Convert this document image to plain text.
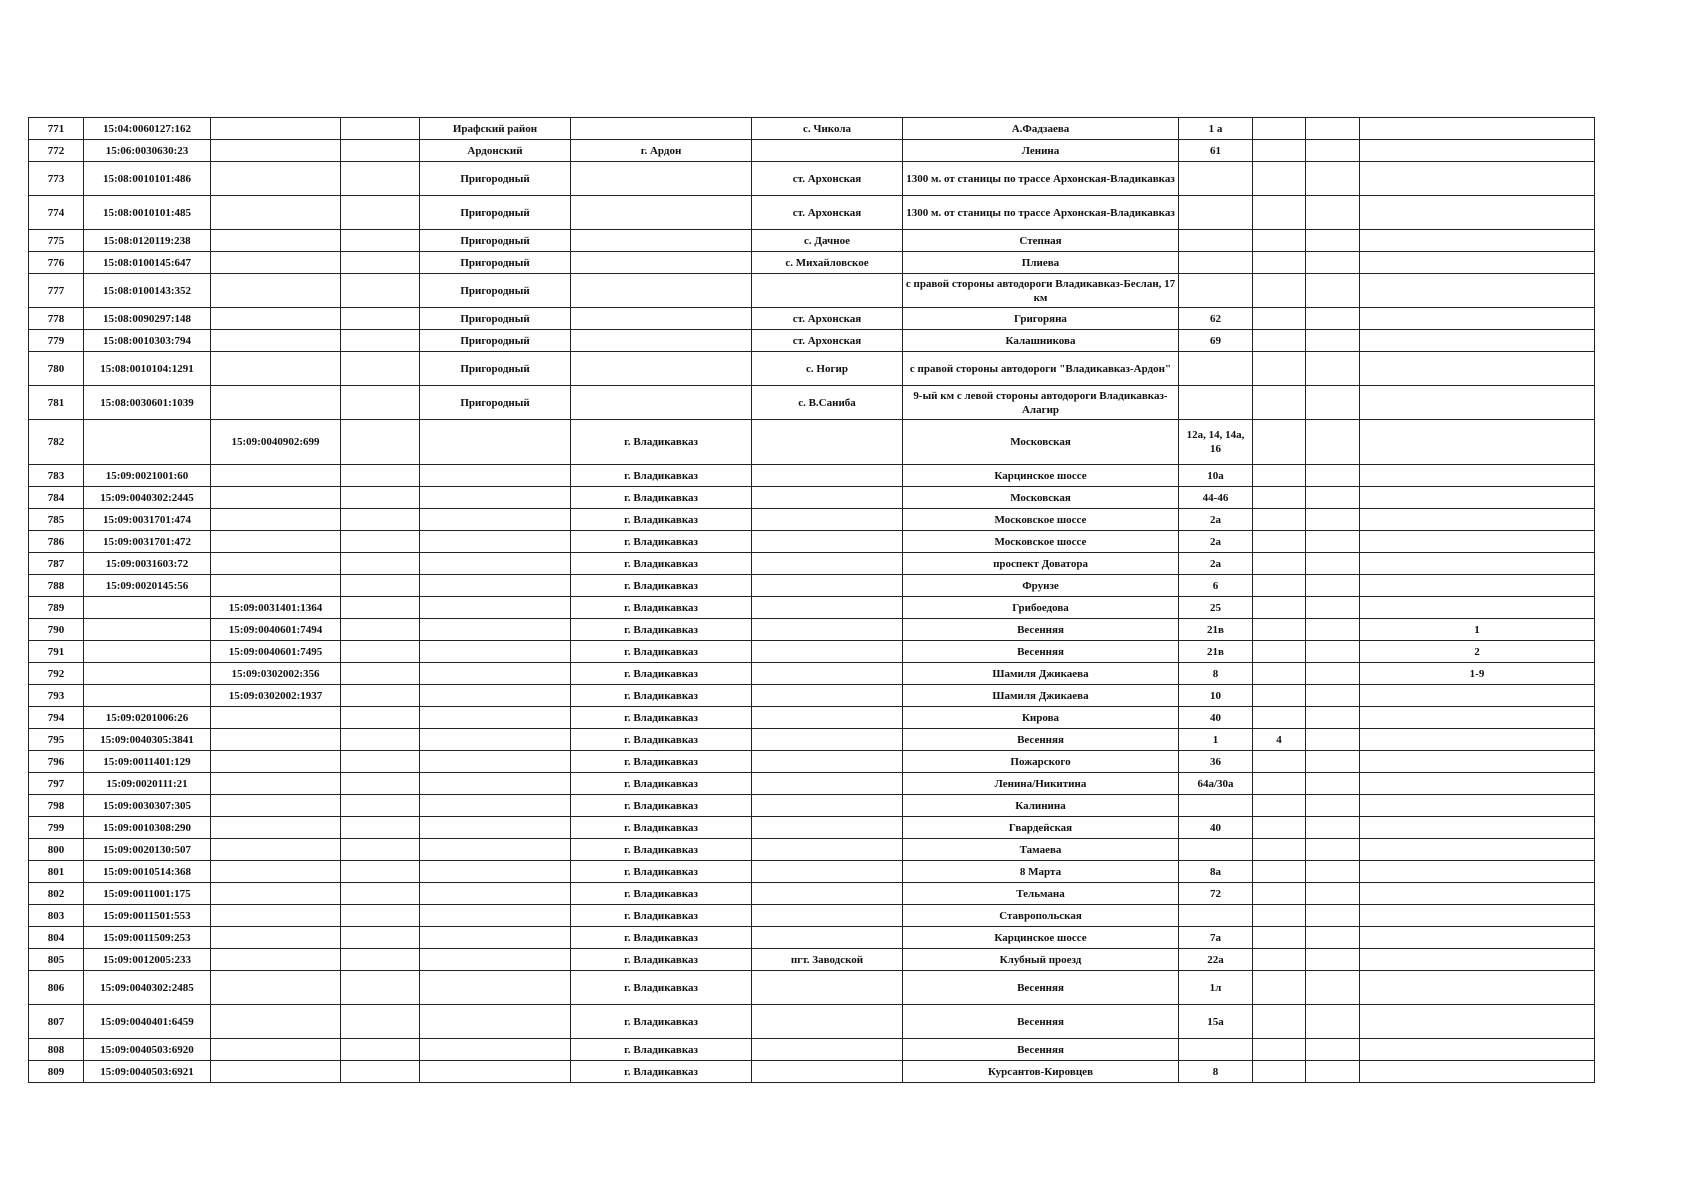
771	15:04:0060127:162			Ирафский район		с. Чикола	А.Фадзаева	1 а			
772	15:06:0030630:23			Ардонский	г. Ардон		Ленина	61			
773	15:08:0010101:486			Пригородный		ст. Архонская	1300 м. от станицы по трассе Архонская-Владикавказ				
774	15:08:0010101:485			Пригородный		ст. Архонская	1300 м. от станицы по трассе Архонская-Владикавказ				
775	15:08:0120119:238			Пригородный		с. Дачное	Степная				
776	15:08:0100145:647			Пригородный		с. Михайловское	Плиева				
777	15:08:0100143:352			Пригородный			с правой стороны автодороги Владикавказ-Беслан, 17 км				
778	15:08:0090297:148			Пригородный		ст. Архонская	Григоряна	62			
779	15:08:0010303:794			Пригородный		ст. Архонская	Калашникова	69			
780	15:08:0010104:1291			Пригородный		с. Ногир	с правой стороны автодороги "Владикавказ-Ардон"				
781	15:08:0030601:1039			Пригородный		с. В.Саниба	9-ый км с левой стороны автодороги Владикавказ-Алагир				
782		15:09:0040902:699			г. Владикавказ		Московская	12а, 14, 14а, 16			
783	15:09:0021001:60				г. Владикавказ		Карцинское шоссе	10а			
784	15:09:0040302:2445				г. Владикавказ		Московская	44-46			
785	15:09:0031701:474				г. Владикавказ		Московское шоссе	2а			
786	15:09:0031701:472				г. Владикавказ		Московское шоссе	2а			
787	15:09:0031603:72				г. Владикавказ		проспект Доватора	2а			
788	15:09:0020145:56				г. Владикавказ		Фрунзе	6			
789		15:09:0031401:1364			г. Владикавказ		Грибоедова	25			
790		15:09:0040601:7494			г. Владикавказ		Весенняя	21в			1
791		15:09:0040601:7495			г. Владикавказ		Весенняя	21в			2
792		15:09:0302002:356			г. Владикавказ		Шамиля Джикаева	8			1-9
793		15:09:0302002:1937			г. Владикавказ		Шамиля Джикаева	10			
794	15:09:0201006:26				г. Владикавказ		Кирова	40			
795	15:09:0040305:3841				г. Владикавказ		Весенняя	1	4		
796	15:09:0011401:129				г. Владикавказ		Пожарского	36			
797	15:09:0020111:21				г. Владикавказ		Ленина/Никитина	64а/30а			
798	15:09:0030307:305				г. Владикавказ		Калинина				
799	15:09:0010308:290				г. Владикавказ		Гвардейская	40			
800	15:09:0020130:507				г. Владикавказ		Тамаева				
801	15:09:0010514:368				г. Владикавказ		8 Марта	8а			
802	15:09:0011001:175				г. Владикавказ		Тельмана	72			
803	15:09:0011501:553				г. Владикавказ		Ставропольская				
804	15:09:0011509:253				г. Владикавказ		Карцинское шоссе	7а			
805	15:09:0012005:233				г. Владикавказ	пгт. Заводской	Клубный проезд	22а			
806	15:09:0040302:2485				г. Владикавказ		Весенняя	1л			
807	15:09:0040401:6459				г. Владикавказ		Весенняя	15а			
808	15:09:0040503:6920				г. Владикавказ		Весенняя				
809	15:09:0040503:6921				г. Владикавказ		Курсантов-Кировцев	8			
